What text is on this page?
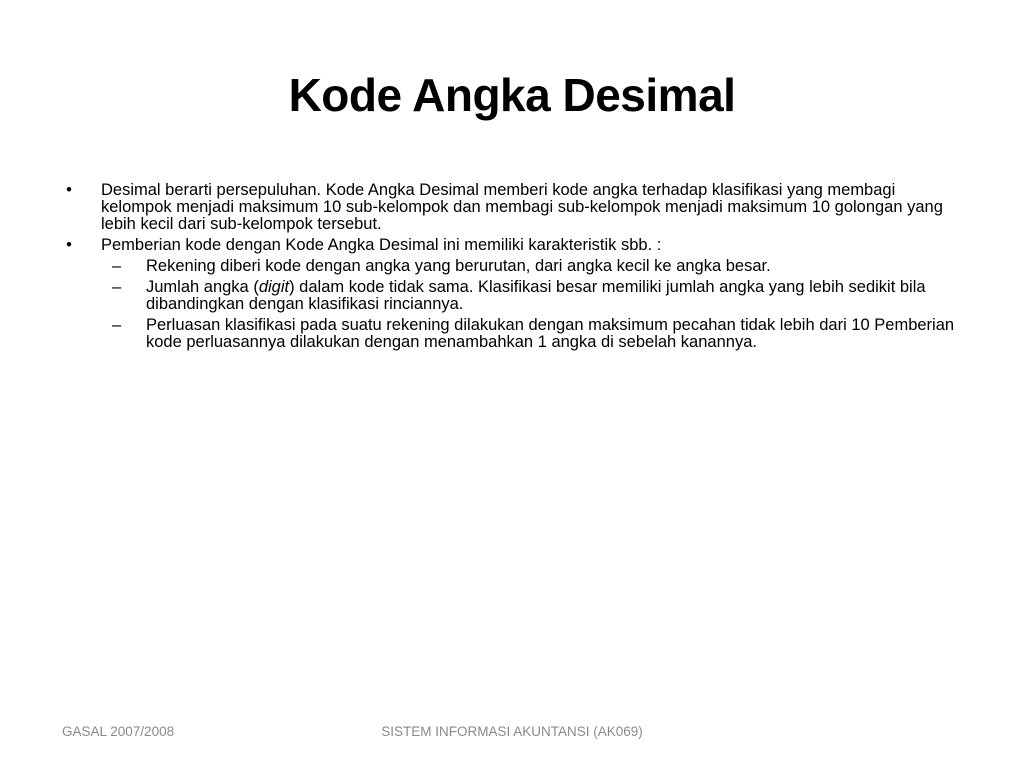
Kode Angka Desimal
• Desimal berarti persepuluhan. Kode Angka Desimal memberi kode angka terhadap klasifikasi yang membagi kelompok menjadi maksimum 10 sub-kelompok dan membagi sub-kelompok menjadi maksimum 10 golongan yang lebih kecil dari sub-kelompok tersebut.
• Pemberian kode dengan Kode Angka Desimal ini memiliki karakteristik sbb. :
–	Rekening diberi kode dengan angka yang berurutan, dari angka kecil ke angka besar.
–	Jumlah angka (digit) dalam kode tidak sama. Klasifikasi besar memiliki jumlah angka yang lebih sedikit bila dibandingkan dengan klasifikasi rinciannya.
–	Perluasan klasifikasi pada suatu rekening dilakukan dengan maksimum pecahan tidak lebih dari 10 Pemberian kode perluasannya dilakukan dengan menambahkan 1 angka di sebelah kanannya.
GASAL 2007/2008	SISTEM INFORMASI AKUNTANSI (AK069)
